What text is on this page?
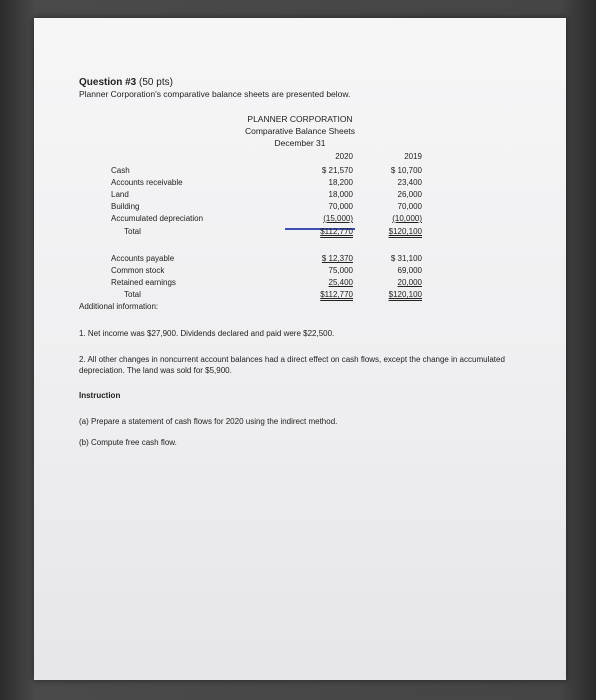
Question #3 (50 pts)
Planner Corporation's comparative balance sheets are presented below.
PLANNER CORPORATION
Comparative Balance Sheets
December 31
2020	2019
Cash	$ 21,570	$ 10,700
Accounts receivable	18,200	23,400
Land	18,000	26,000
Building	70,000	70,000
Accumulated depreciation	(15,000)	(10,000)
Total	$112,770	$120,100
Accounts payable	$ 12,370	$ 31,100
Common stock	75,000	69,000
Retained earnings	25,400	20,000
Total	$112,770	$120,100
Additional information:
1. Net income was $27,900. Dividends declared and paid were $22,500.
2. All other changes in noncurrent account balances had a direct effect on cash flows, except the change in accumulated depreciation. The land was sold for $5,900.
Instruction
(a) Prepare a statement of cash flows for 2020 using the indirect method.
(b) Compute free cash flow.
